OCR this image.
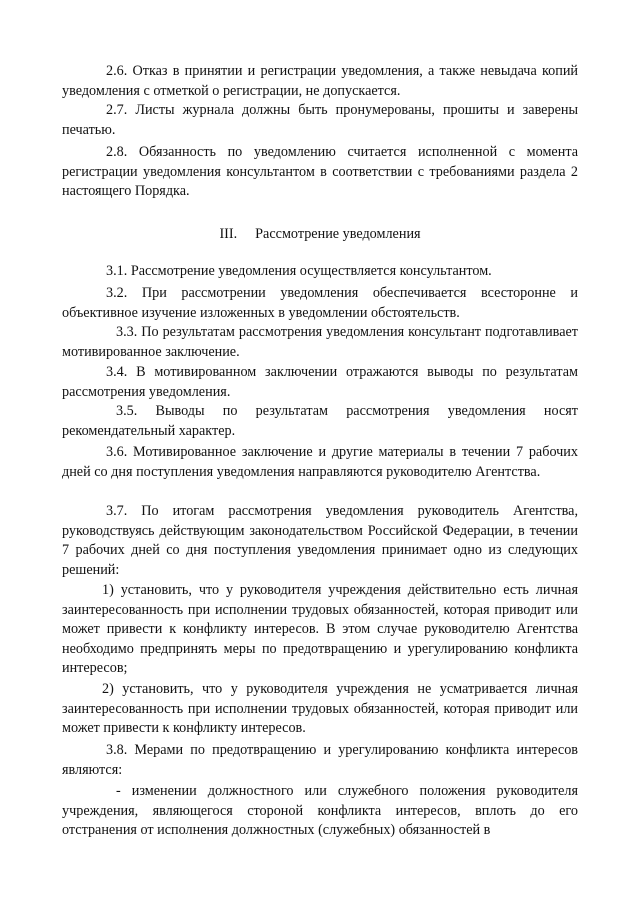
2.6. Отказ в принятии и регистрации уведомления, а также невыдача копий уведомления с отметкой о регистрации, не допускается.

2.7. Листы журнала должны быть пронумерованы, прошиты и заверены печатью.

2.8. Обязанность по уведомлению считается исполненной с момента регистрации уведомления консультантом в соответствии с требованиями раздела 2 настоящего Порядка.

III. Рассмотрение уведомления

3.1. Рассмотрение уведомления осуществляется консультантом.

3.2. При рассмотрении уведомления обеспечивается всесторонне и объективное изучение изложенных в уведомлении обстоятельств.

3.3. По результатам рассмотрения уведомления консультант подготавливает мотивированное заключение.

3.4. В мотивированном заключении отражаются выводы по результатам рассмотрения уведомления.

3.5. Выводы по результатам рассмотрения уведомления носят рекомендательный характер.

3.6. Мотивированное заключение и другие материалы в течении 7 рабочих дней со дня поступления уведомления направляются руководителю Агентства.

3.7. По итогам рассмотрения уведомления руководитель Агентства, руководствуясь действующим законодательством Российской Федерации, в течении 7 рабочих дней со дня поступления уведомления принимает одно из следующих решений:

1) установить, что у руководителя учреждения действительно есть личная заинтересованность при исполнении трудовых обязанностей, которая приводит или может привести к конфликту интересов. В этом случае руководителю Агентства необходимо предпринять меры по предотвращению и урегулированию конфликта интересов;

2) установить, что у руководителя учреждения не усматривается личная заинтересованность при исполнении трудовых обязанностей, которая приводит или может привести к конфликту интересов.

3.8. Мерами по предотвращению и урегулированию конфликта интересов являются:

- изменении должностного или служебного положения руководителя учреждения, являющегося стороной конфликта интересов, вплоть до его отстранения от исполнения должностных (служебных) обязанностей в
